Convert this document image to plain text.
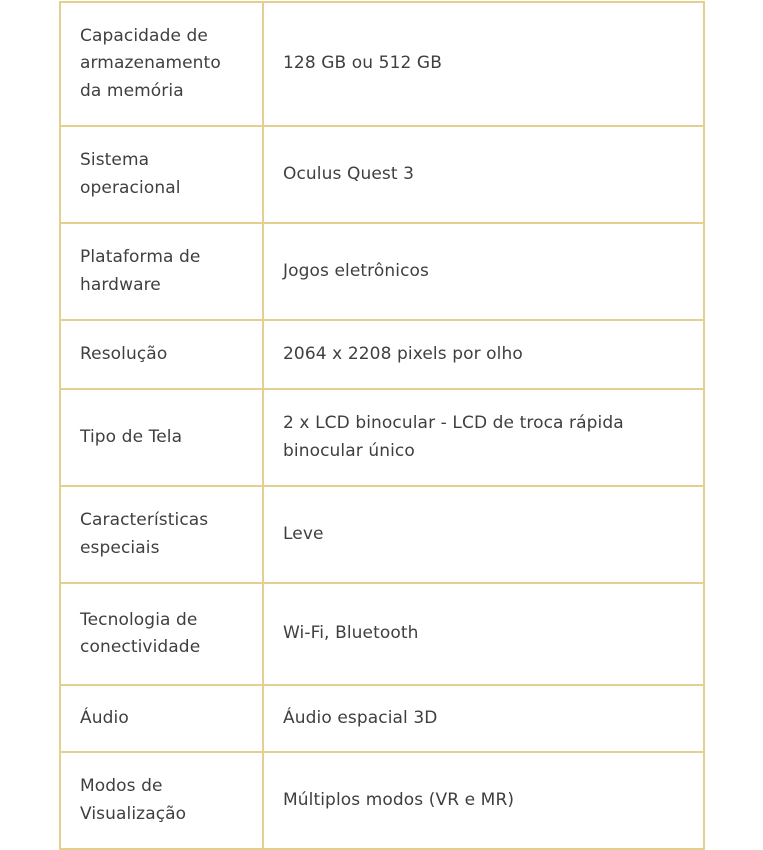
Capacidade de armazenamento da memória	128 GB ou 512 GB
Sistema operacional	Oculus Quest 3
Plataforma de hardware	Jogos eletrônicos
Resolução	2064 x 2208 pixels por olho
Tipo de Tela	2 x LCD binocular - LCD de troca rápida binocular único
Características especiais	Leve
Tecnologia de conectividade	Wi-Fi, Bluetooth
Áudio	Áudio espacial 3D
Modos de Visualização	Múltiplos modos (VR e MR)
